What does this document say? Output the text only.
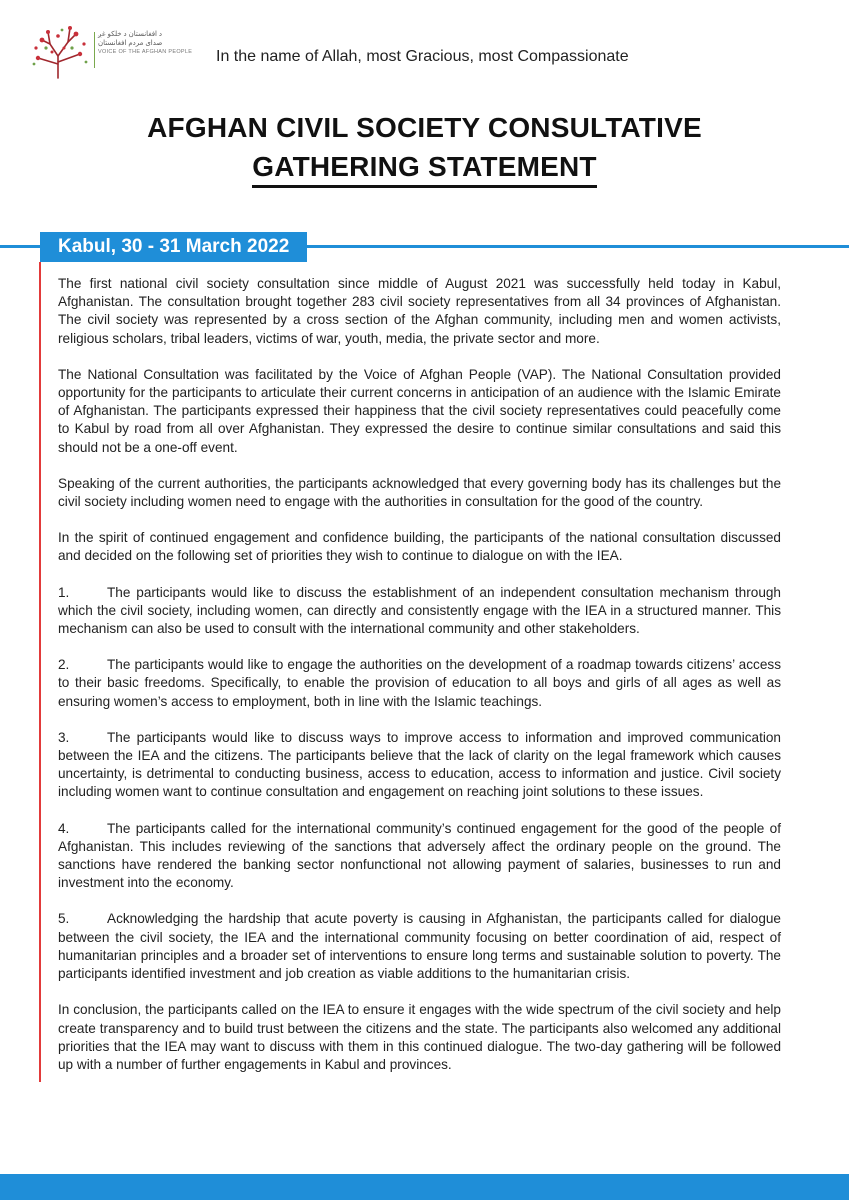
د افغانستان د خلکو غږ
صدای مردم افغانستان
VOICE OF THE AFGHAN PEOPLE In the name of Allah, most Gracious, most Compassionate
AFGHAN CIVIL SOCIETY CONSULTATIVE
GATHERING STATEMENT
Kabul, 30 - 31 March 2022

The first national civil society consultation since middle of August 2021 was successfully held today in Kabul, Afghanistan. The consultation brought together 283 civil society representatives from all 34 provinces of Afghanistan. The civil society was represented by a cross section of the Afghan community, including men and women activists, religious scholars, tribal leaders, victims of war, youth, media, the private sector and more.

The National Consultation was facilitated by the Voice of Afghan People (VAP). The National Consultation provided opportunity for the participants to articulate their current concerns in anticipation of an audience with the Islamic Emirate of Afghanistan. The participants expressed their happiness that the civil society representatives could peacefully come to Kabul by road from all over Afghanistan. They expressed the desire to continue similar consultations and said this should not be a one-off event.

Speaking of the current authorities, the participants acknowledged that every governing body has its challenges but the civil society including women need to engage with the authorities in consultation for the good of the country.

In the spirit of continued engagement and confidence building, the participants of the national consultation discussed and decided on the following set of priorities they wish to continue to dialogue on with the IEA.

1.	The participants would like to discuss the establishment of an independent consultation mechanism through which the civil society, including women, can directly and consistently engage with the IEA in a structured manner. This mechanism can also be used to consult with the international community and other stakeholders.

2.	The participants would like to engage the authorities on the development of a roadmap towards citizens’ access to their basic freedoms. Specifically, to enable the provision of education to all boys and girls of all ages as well as ensuring women’s access to employment, both in line with the Islamic teachings.

3.	The participants would like to discuss ways to improve access to information and improved communication between the IEA and the citizens. The participants believe that the lack of clarity on the legal framework which causes uncertainty, is detrimental to conducting business, access to education, access to information and justice. Civil society including women want to continue consultation and engagement on reaching joint solutions to these issues.

4.	The participants called for the international community’s continued engagement for the good of the people of Afghanistan. This includes reviewing of the sanctions that adversely affect the ordinary people on the ground. The sanctions have rendered the banking sector nonfunctional not allowing payment of salaries, businesses to run and investment into the economy.

5.	Acknowledging the hardship that acute poverty is causing in Afghanistan, the participants called for dialogue between the civil society, the IEA and the international community focusing on better coordination of aid, respect of humanitarian principles and a broader set of interventions to ensure long terms and sustainable solution to poverty. The participants identified investment and job creation as viable additions to the humanitarian crisis.

In conclusion, the participants called on the IEA to ensure it engages with the wide spectrum of the civil society and help create transparency and to build trust between the citizens and the state. The participants also welcomed any additional priorities that the IEA may want to discuss with them in this continued dialogue. The two-day gathering will be followed up with a number of further engagements in Kabul and provinces.
